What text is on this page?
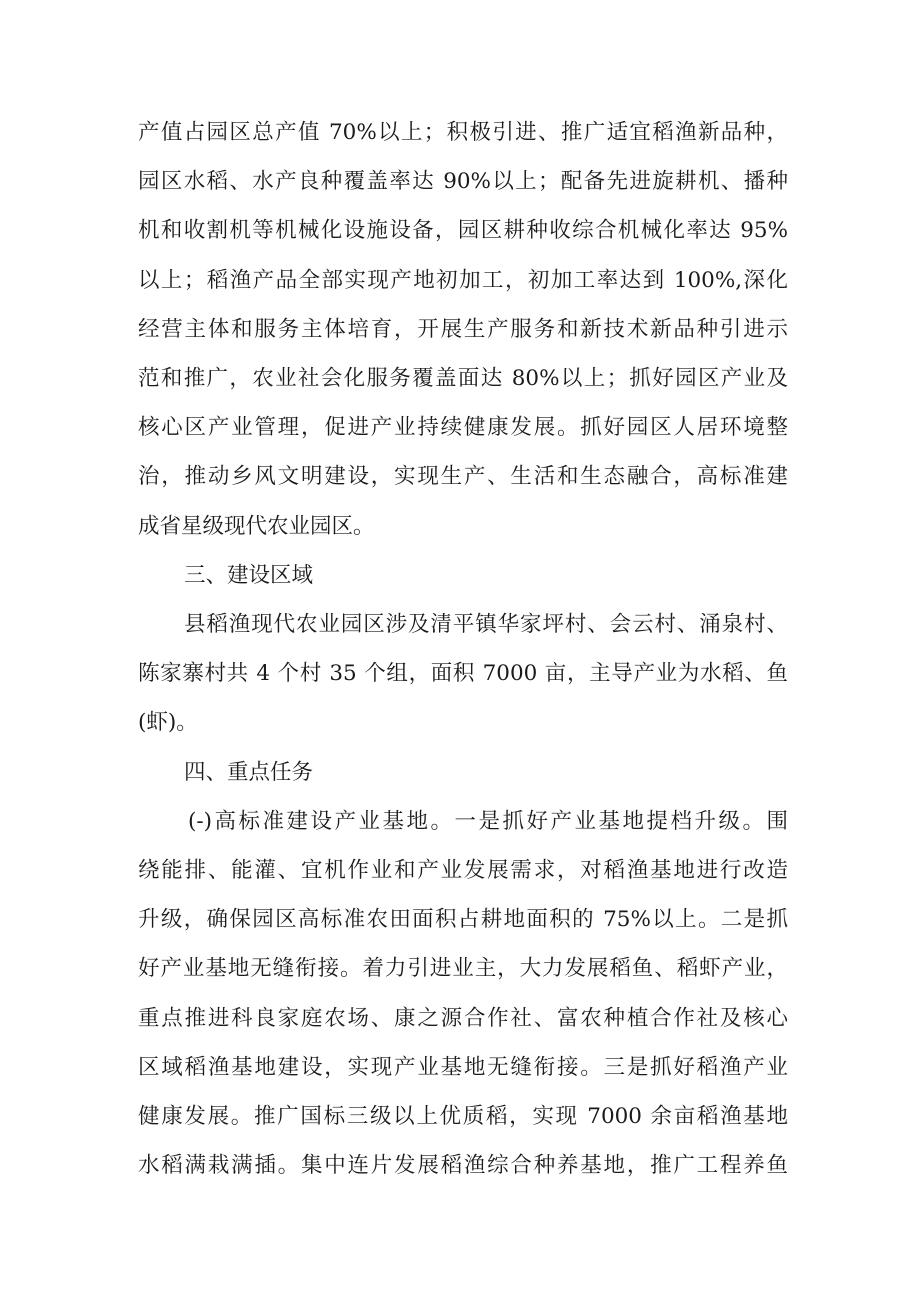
产值占园区总产值 70%以上；积极引进、推广适宜稻渔新品种，
园区水稻、水产良种覆盖率达 90%以上；配备先进旋耕机、播种
机和收割机等机械化设施设备，园区耕种收综合机械化率达 95%
以上；稻渔产品全部实现产地初加工，初加工率达到 100%,深化
经营主体和服务主体培育，开展生产服务和新技术新品种引进示
范和推广，农业社会化服务覆盖面达 80%以上；抓好园区产业及
核心区产业管理，促进产业持续健康发展。抓好园区人居环境整
治，推动乡风文明建设，实现生产、生活和生态融合，高标准建
成省星级现代农业园区。
三、建设区域
县稻渔现代农业园区涉及清平镇华家坪村、会云村、涌泉村、
陈家寨村共 4 个村 35 个组，面积 7000 亩，主导产业为水稻、鱼
(虾)。
四、重点任务
(-)高标准建设产业基地。一是抓好产业基地提档升级。围
绕能排、能灌、宜机作业和产业发展需求，对稻渔基地进行改造
升级，确保园区高标准农田面积占耕地面积的 75%以上。二是抓
好产业基地无缝衔接。着力引进业主，大力发展稻鱼、稻虾产业，
重点推进科良家庭农场、康之源合作社、富农种植合作社及核心
区域稻渔基地建设，实现产业基地无缝衔接。三是抓好稻渔产业
健康发展。推广国标三级以上优质稻，实现 7000 余亩稻渔基地
水稻满栽满插。集中连片发展稻渔综合种养基地，推广工程养鱼
